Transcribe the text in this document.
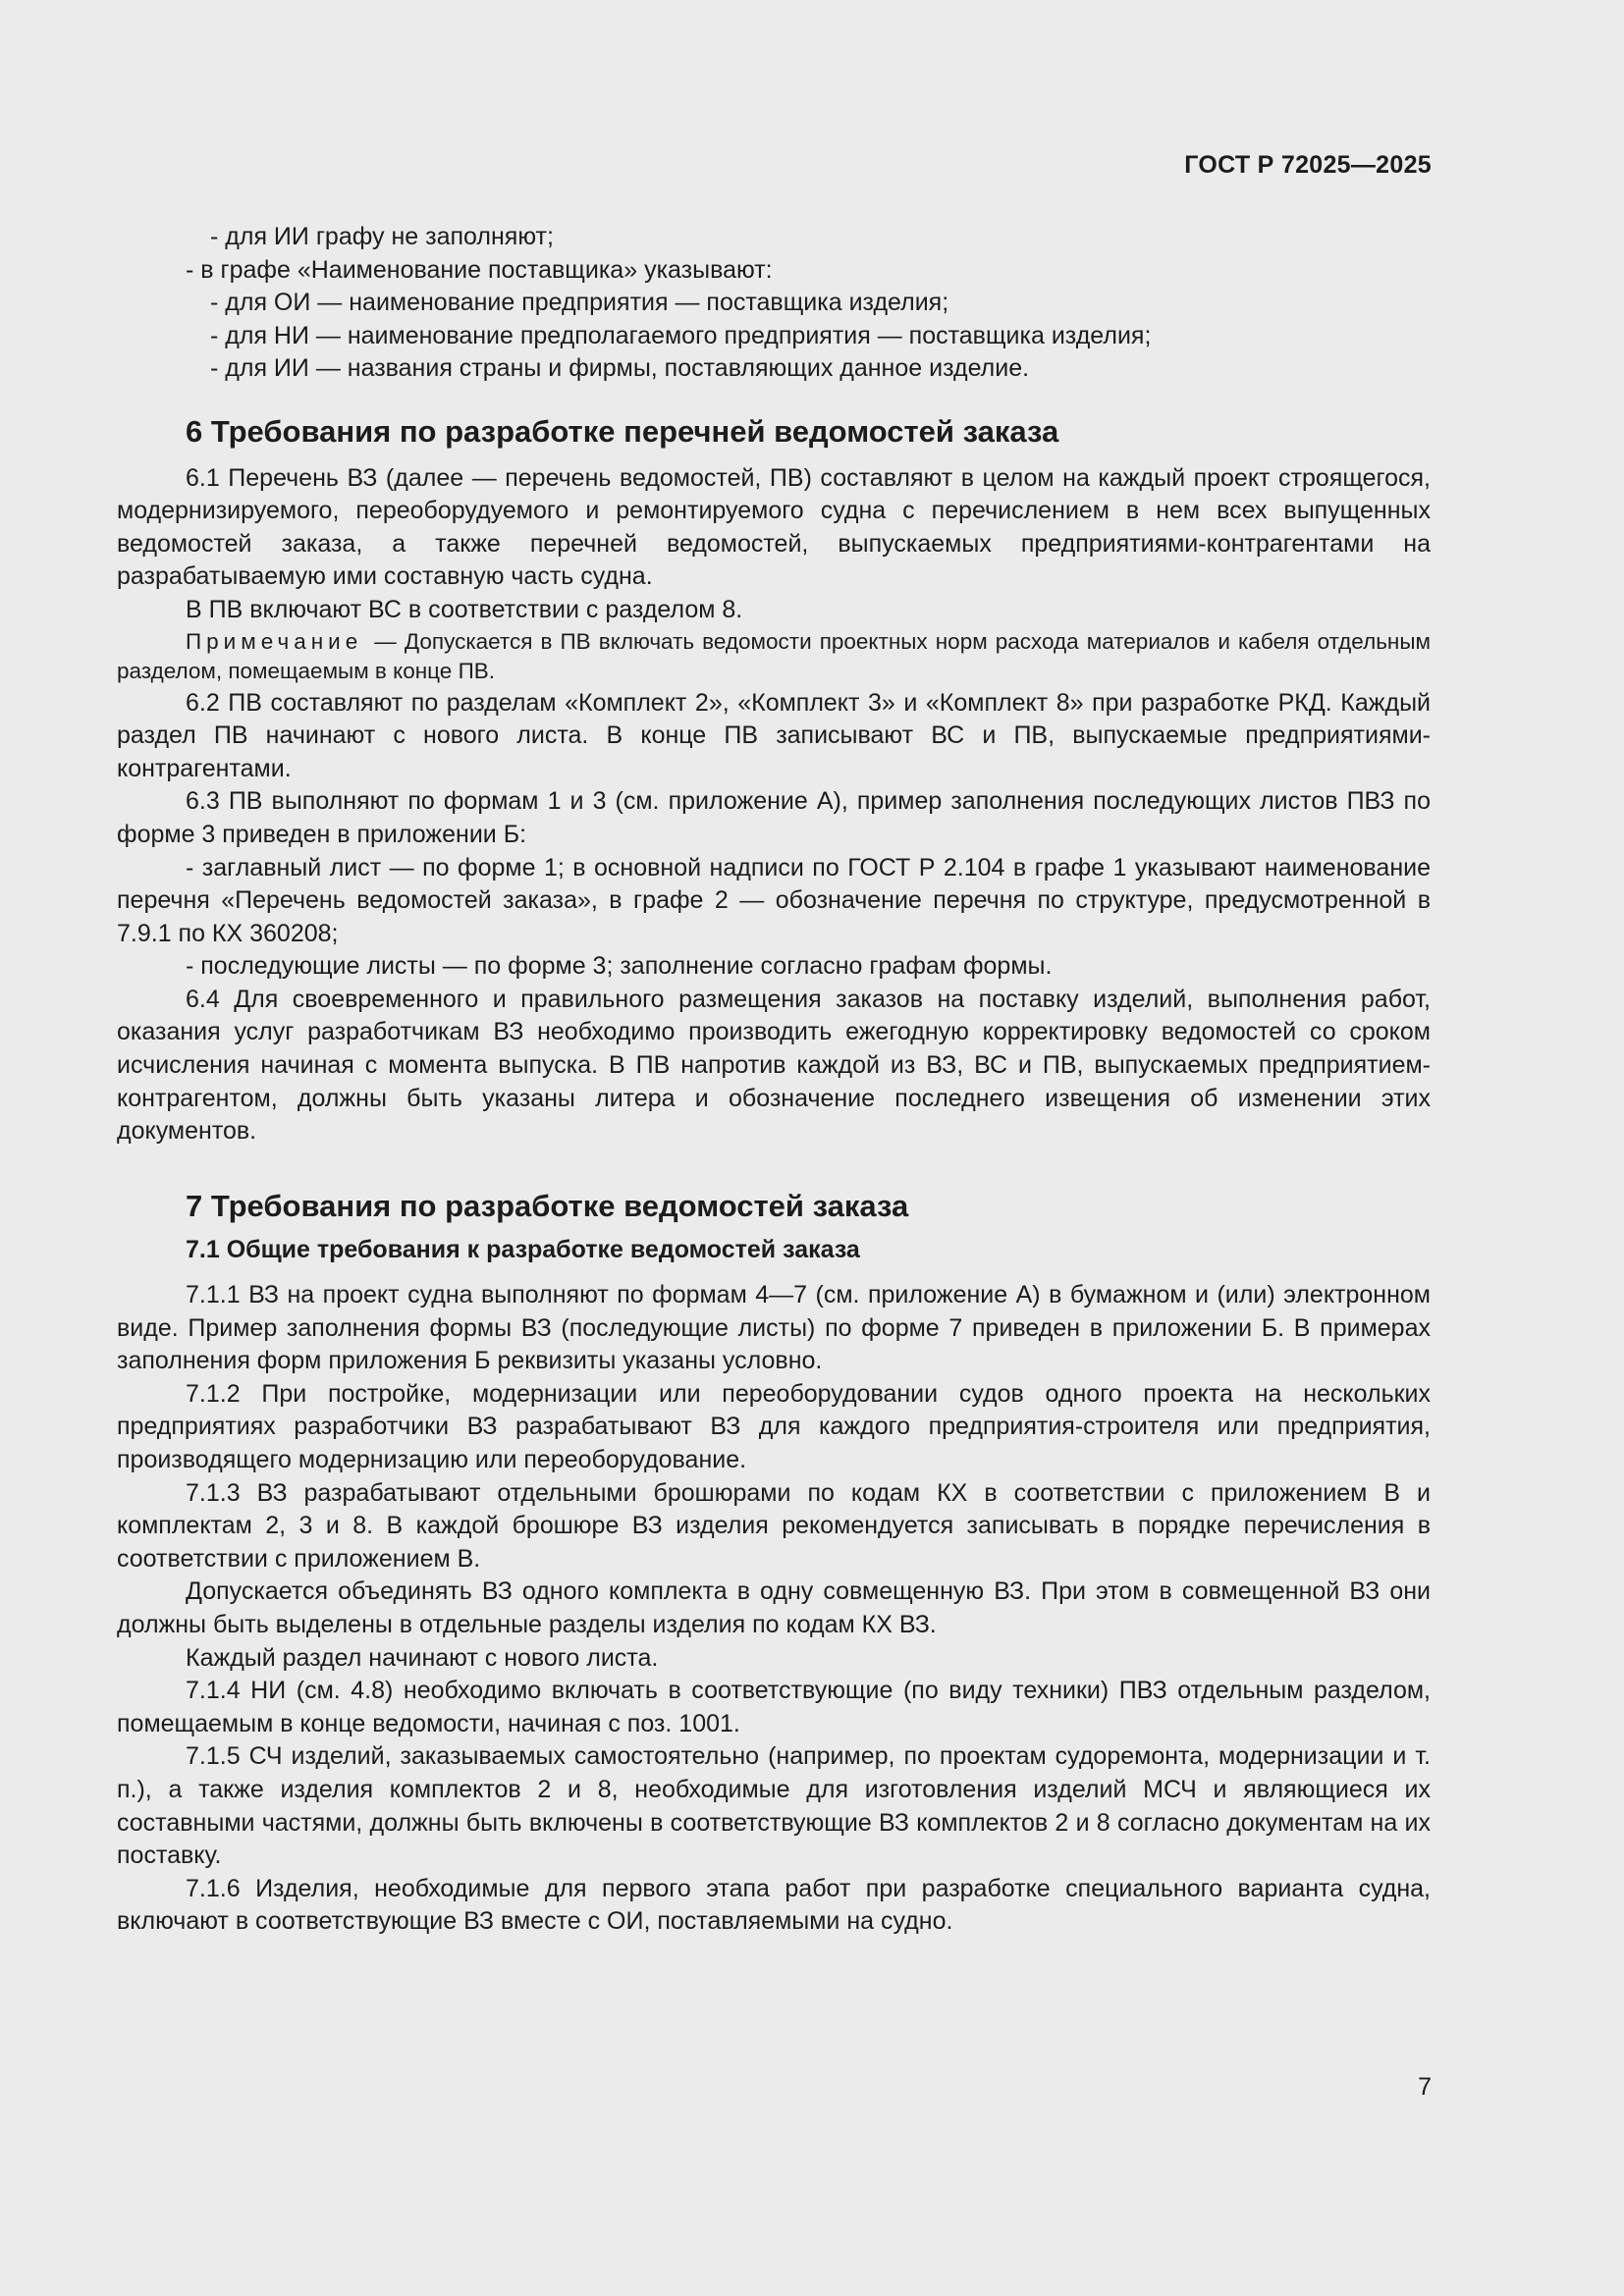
ГОСТ Р 72025—2025

- для ИИ графу не заполняют;

- в графе «Наименование поставщика» указывают:

- для ОИ — наименование предприятия — поставщика изделия;

- для НИ — наименование предполагаемого предприятия — поставщика изделия;

- для ИИ — названия страны и фирмы, поставляющих данное изделие.

6 Требования по разработке перечней ведомостей заказа

6.1 Перечень ВЗ (далее — перечень ведомостей, ПВ) составляют в целом на каждый проект строящегося, модернизируемого, переоборудуемого и ремонтируемого судна с перечислением в нем всех выпущенных ведомостей заказа, а также перечней ведомостей, выпускаемых предприятиями-контрагентами на разрабатываемую ими составную часть судна.

В ПВ включают ВС в соответствии с разделом 8.

Примечание — Допускается в ПВ включать ведомости проектных норм расхода материалов и кабеля отдельным разделом, помещаемым в конце ПВ.

6.2 ПВ составляют по разделам «Комплект 2», «Комплект 3» и «Комплект 8» при разработке РКД. Каждый раздел ПВ начинают с нового листа. В конце ПВ записывают ВС и ПВ, выпускаемые предприятиями-контрагентами.

6.3 ПВ выполняют по формам 1 и 3 (см. приложение А), пример заполнения последующих листов ПВЗ по форме 3 приведен в приложении Б:

- заглавный лист — по форме 1; в основной надписи по ГОСТ Р 2.104 в графе 1 указывают наименование перечня «Перечень ведомостей заказа», в графе 2 — обозначение перечня по структуре, предусмотренной в 7.9.1 по КХ 360208;

- последующие листы — по форме 3; заполнение согласно графам формы.

6.4 Для своевременного и правильного размещения заказов на поставку изделий, выполнения работ, оказания услуг разработчикам ВЗ необходимо производить ежегодную корректировку ведомостей со сроком исчисления начиная с момента выпуска. В ПВ напротив каждой из ВЗ, ВС и ПВ, выпускаемых предприятием-контрагентом, должны быть указаны литера и обозначение последнего извещения об изменении этих документов.

7 Требования по разработке ведомостей заказа
7.1 Общие требования к разработке ведомостей заказа

7.1.1 ВЗ на проект судна выполняют по формам 4—7 (см. приложение А) в бумажном и (или) электронном виде. Пример заполнения формы ВЗ (последующие листы) по форме 7 приведен в приложении Б. В примерах заполнения форм приложения Б реквизиты указаны условно.

7.1.2 При постройке, модернизации или переоборудовании судов одного проекта на нескольких предприятиях разработчики ВЗ разрабатывают ВЗ для каждого предприятия-строителя или предприятия, производящего модернизацию или переоборудование.

7.1.3 ВЗ разрабатывают отдельными брошюрами по кодам КХ в соответствии с приложением В и комплектам 2, 3 и 8. В каждой брошюре ВЗ изделия рекомендуется записывать в порядке перечисления в соответствии с приложением В.

Допускается объединять ВЗ одного комплекта в одну совмещенную ВЗ. При этом в совмещенной ВЗ они должны быть выделены в отдельные разделы изделия по кодам КХ ВЗ.

Каждый раздел начинают с нового листа.

7.1.4 НИ (см. 4.8) необходимо включать в соответствующие (по виду техники) ПВЗ отдельным разделом, помещаемым в конце ведомости, начиная с поз. 1001.

7.1.5 СЧ изделий, заказываемых самостоятельно (например, по проектам судоремонта, модернизации и т. п.), а также изделия комплектов 2 и 8, необходимые для изготовления изделий МСЧ и являющиеся их составными частями, должны быть включены в соответствующие ВЗ комплектов 2 и 8 согласно документам на их поставку.

7.1.6 Изделия, необходимые для первого этапа работ при разработке специального варианта судна, включают в соответствующие ВЗ вместе с ОИ, поставляемыми на судно.

7
